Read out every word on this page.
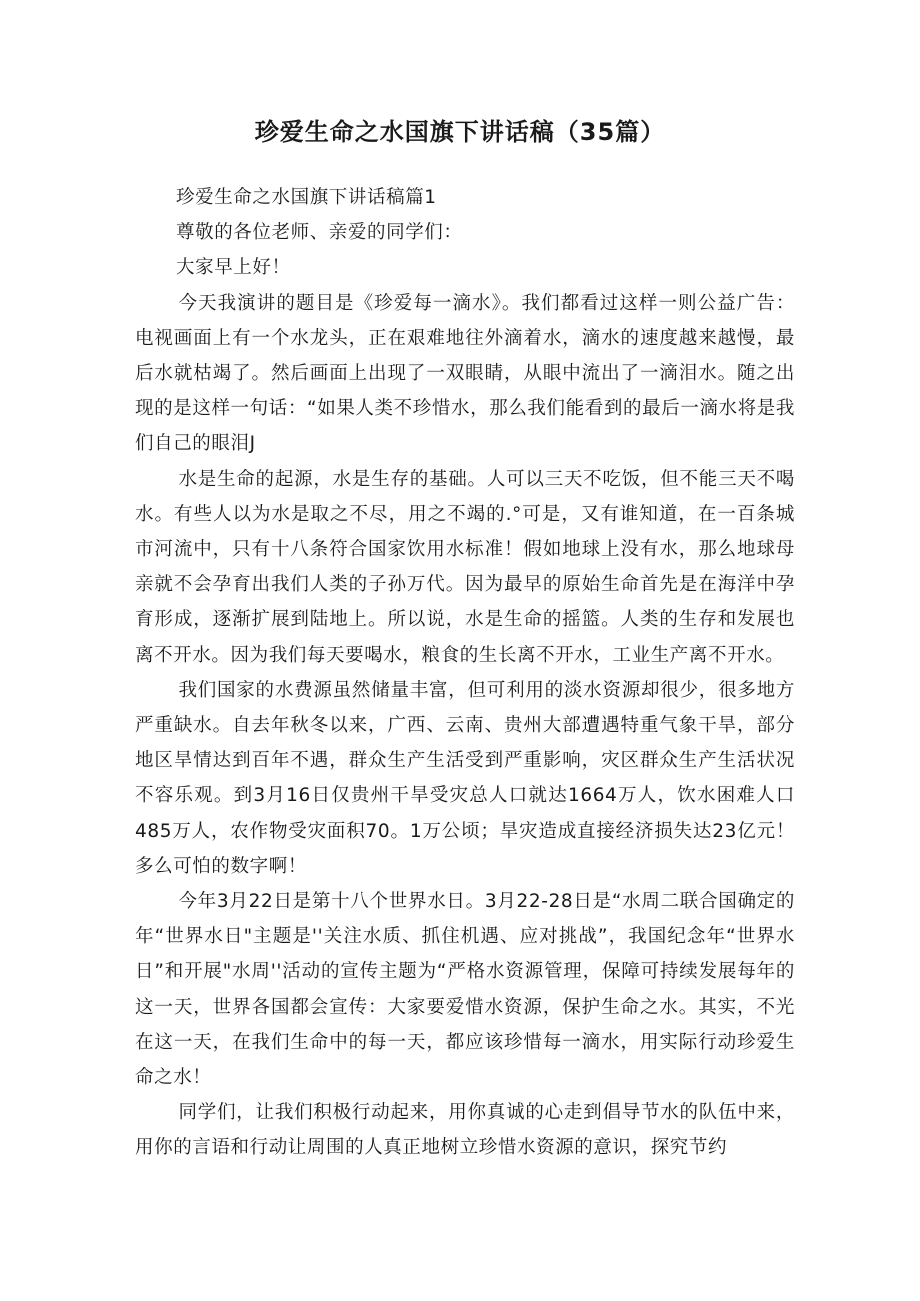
珍爱生命之水国旗下讲话稿（35篇）

珍爱生命之水国旗下讲话稿篇1

尊敬的各位老师、亲爱的同学们：

大家早上好！

今天我演讲的题目是《珍爱每一滴水》。我们都看过这样一则公益广告：电视画面上有一个水龙头，正在艰难地往外滴着水，滴水的速度越来越慢，最后水就枯竭了。然后画面上出现了一双眼睛，从眼中流出了一滴泪水。随之出现的是这样一句话：“如果人类不珍惜水，那么我们能看到的最后一滴水将是我们自己的眼泪J

水是生命的起源，水是生存的基础。人可以三天不吃饭，但不能三天不喝水。有些人以为水是取之不尽，用之不竭的.°可是，又有谁知道，在一百条城市河流中，只有十八条符合国家饮用水标准！假如地球上没有水，那么地球母亲就不会孕育出我们人类的子孙万代。因为最早的原始生命首先是在海洋中孕育形成，逐渐扩展到陆地上。所以说，水是生命的摇篮。人类的生存和发展也离不开水。因为我们每天要喝水，粮食的生长离不开水，工业生产离不开水。

我们国家的水费源虽然储量丰富，但可利用的淡水资源却很少，很多地方严重缺水。自去年秋冬以来，广西、云南、贵州大部遭遇特重气象干旱，部分地区旱情达到百年不遇，群众生产生活受到严重影响，灾区群众生产生活状况不容乐观。到3月16日仅贵州干旱受灾总人口就达1664万人，饮水困难人口485万人，农作物受灾面积70。1万公顷；旱灾造成直接经济损失达23亿元！多么可怕的数字啊！

今年3月22日是第十八个世界水日。3月22-28日是“水周二联合国确定的年“世界水日"主题是''关注水质、抓住机遇、应对挑战”，我国纪念年“世界水日”和开展"水周''活动的宣传主题为“严格水资源管理，保障可持续发展每年的这一天，世界各国都会宣传：大家要爱惜水资源，保护生命之水。其实，不光在这一天，在我们生命中的每一天，都应该珍惜每一滴水，用实际行动珍爱生命之水！

同学们，让我们积极行动起来，用你真诚的心走到倡导节水的队伍中来，用你的言语和行动让周围的人真正地树立珍惜水资源的意识，探究节约
